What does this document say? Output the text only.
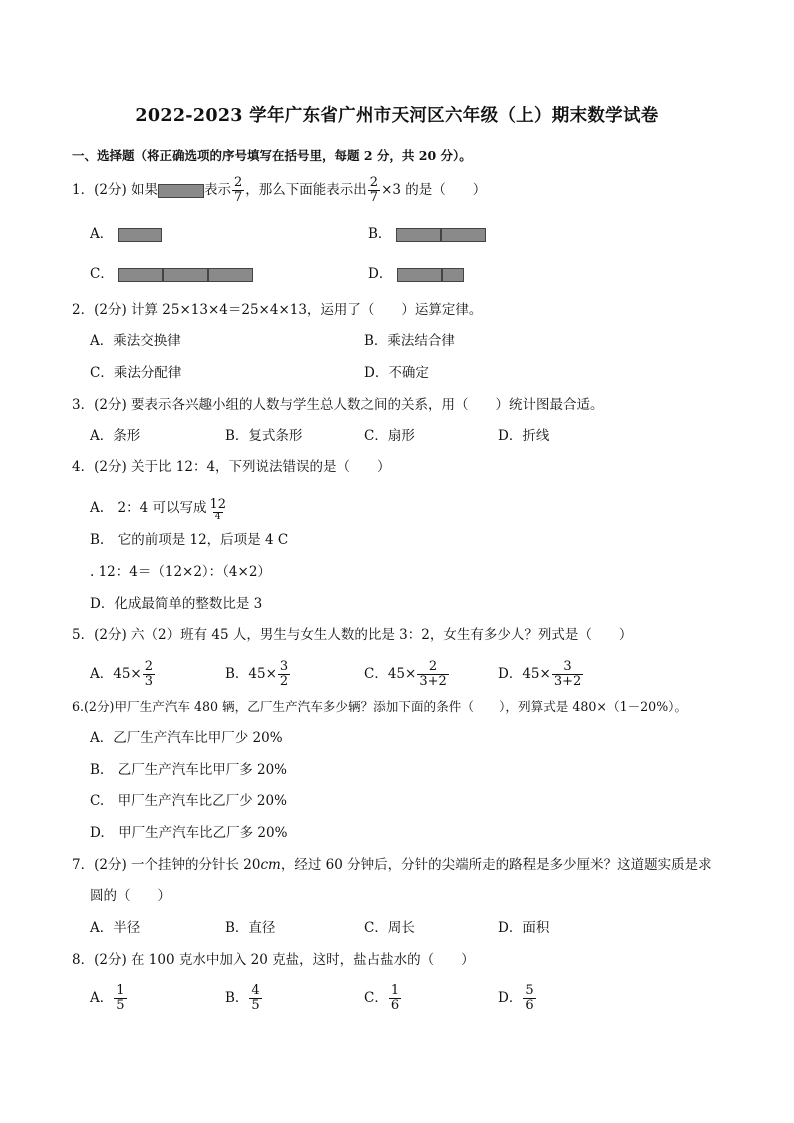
2022-2023 学年广东省广州市天河区六年级（上）期末数学试卷
一、选择题（将正确选项的序号填写在括号里，每题 2 分，共 20 分）。
1．(2分) 如果	表示 $\frac{2}{7}$ ，那么下面能表示出 $\frac{2}{7} \times 3$ 的是（　　）
A．	B．
C．	D．
2．(2分) 计算 25×13×4＝25×4×13，运用了（　　）运算定律。
A．乘法交换律	B．乘法结合律
C．乘法分配律	D．不确定
3．(2分) 要表示各兴趣小组的人数与学生总人数之间的关系，用（　　）统计图最合适。
A．条形	B．复式条形	C．扇形	D．折线
4．(2分) 关于比 12：4，下列说法错误的是（　　）
A.　2：4 可以写成 $\frac{12}{4}$
B.　它的前项是 12，后项是 4 C
. 12：4＝（12×2）：（4×2）
D．化成最简单的整数比是 3
5．(2分) 六（2）班有 45 人，男生与女生人数的比是 3：2，女生有多少人？列式是（　　）
A．$45\times \frac{2}{3}$	B．$45\times \frac{3}{2}$	C．$45\times \frac{2}{3+2}$	D．$45\times \frac{3}{3+2}$
6.(2分)甲厂生产汽车 480 辆，乙厂生产汽车多少辆？添加下面的条件（　　），列算式是 480×（1－20%）。
A．乙厂生产汽车比甲厂少 20%
B.　乙厂生产汽车比甲厂多 20%
C.　甲厂生产汽车比乙厂少 20%
D.　甲厂生产汽车比乙厂多 20%
7．(2分) 一个挂钟的分针长 20cm，经过 60 分钟后，分针的尖端所走的路程是多少厘米？这道题实质是求
圆的（　　）
A．半径	B．直径	C．周长	D．面积
8．(2分) 在 100 克水中加入 20 克盐，这时，盐占盐水的（　　）
A． $\frac{1}{5}$	B． $\frac{4}{5}$	C． $\frac{1}{6}$	D． $\frac{5}{6}$
